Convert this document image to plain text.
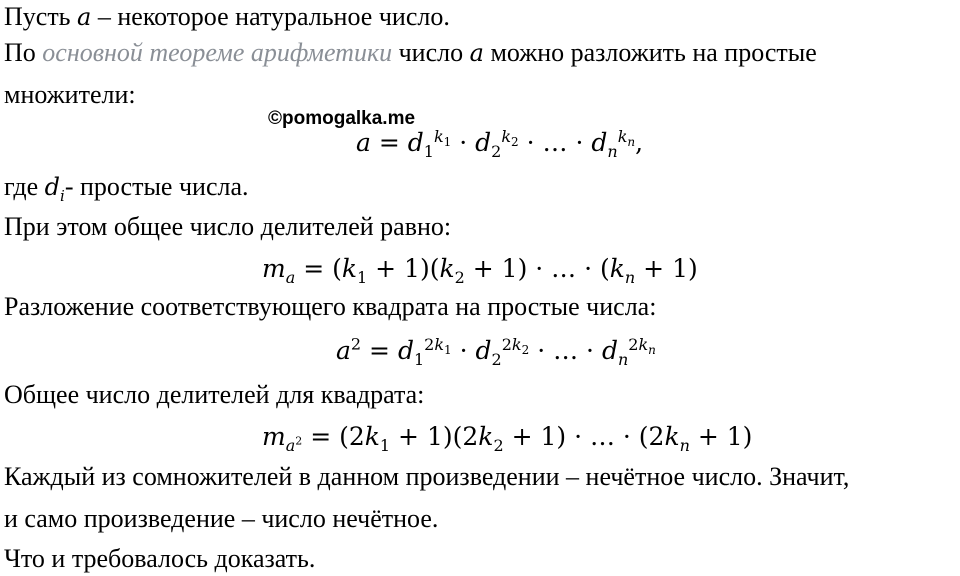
Пусть a – некоторое натуральное число.
По основной теореме арифметики число a можно разложить на простые
множители:
©pomogalka.me
$a = d_1^{k_1} \cdot d_2^{k_2}$ · … · $d_n^{k_n}$,
где $d_i-$ простые числа.
При этом общее число делителей равно:
$m_a = (k_1 + 1)(k_2 + 1)$ · … · $(k_n + 1)$
Разложение соответствующего квадрата на простые числа:
$a^2 = d_1^{2k_1} \cdot d_2^{2k_2}$ · … · $d_n^{2k_n}$
Общее число делителей для квадрата:
$m_{a^2} = (2k_1 + 1)(2k_2 + 1)$ · … · $(2k_n + 1)$
Каждый из сомножителей в данном произведении – нечётное число. Значит,
и само произведение – число нечётное.
Что и требовалось доказать.
